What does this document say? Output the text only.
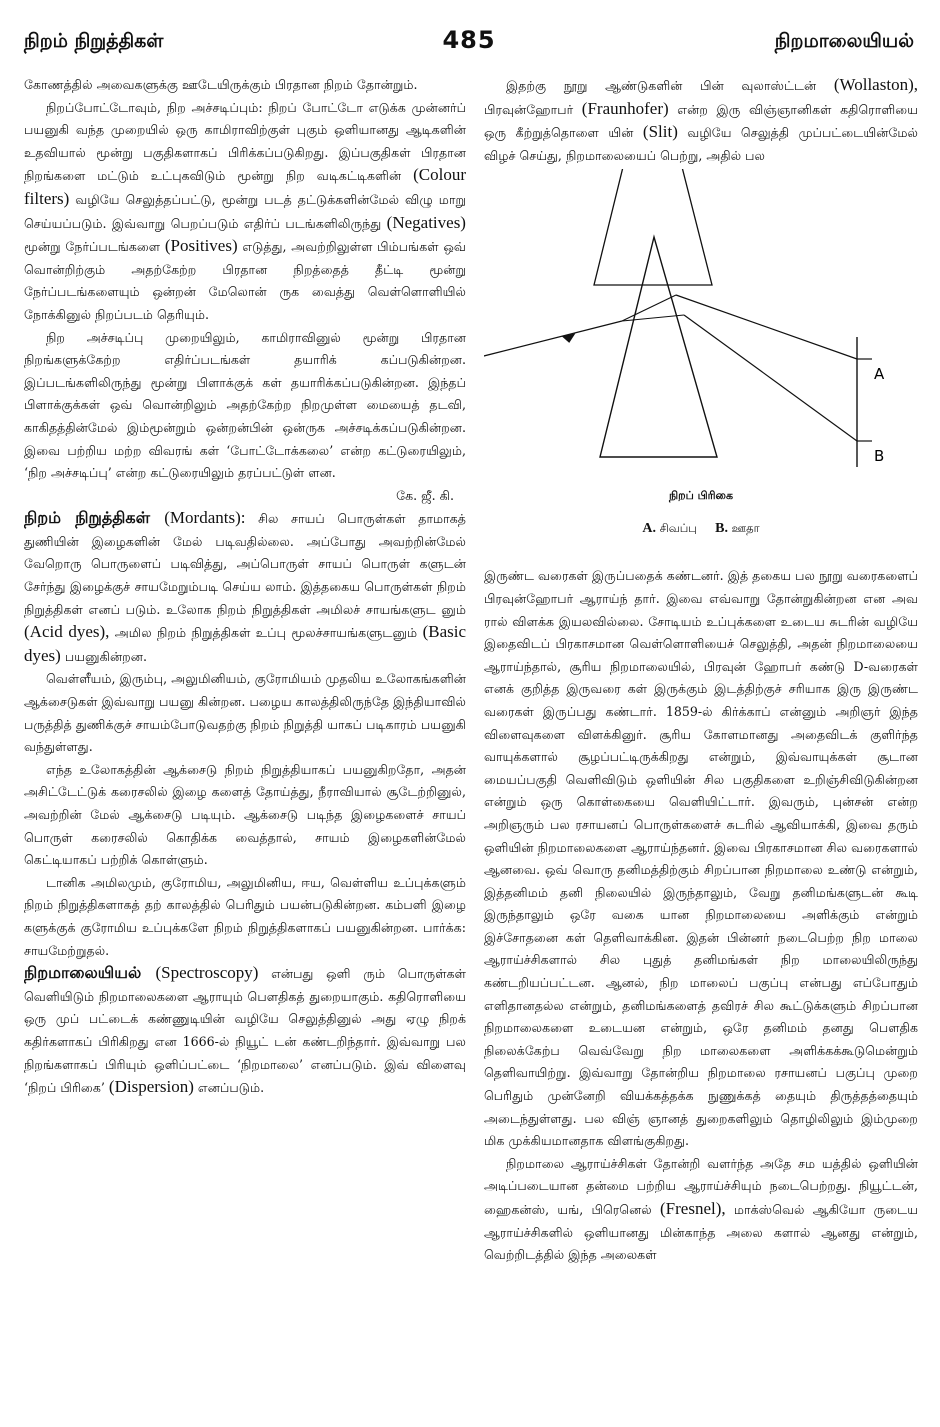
நிறம் நிறுத்திகள்	485	நிறமாலையியல்

கோணத்தில் அவைகளுக்கு ஊடேயிருக்கும் பிரதான நிறம் தோன்றும்.

நிறப்போட்டோவும், நிற அச்சடிப்பும்: நிறப் போட்டோ எடுக்க முன்னர்ப் பயனுகி வந்த முறையில் ஒரு காமிராவிற்குள் புகும் ஒளியானது ஆடிகளின் உதவியால் மூன்று பகுதிகளாகப் பிரிக்கப்படுகிறது. இப்பகுதிகள் பிரதான நிறங்களை மட்டும் உட்புகவிடும் மூன்று நிற வடிகட்டிகளின் (Colour filters) வழியே செலுத்தப்பட்டு, மூன்று படத் தட்டுக்களின்மேல் விழு மாறு செய்யப்படும். இவ்வாறு பெறப்படும் எதிர்ப் படங்களிலிருந்து (Negatives) மூன்று நேர்ப்படங்களை (Positives) எடுத்து, அவற்றிலுள்ள பிம்பங்கள் ஒவ் வொன்றிற்கும் அதற்கேற்ற பிரதான நிறத்தைத் தீட்டி மூன்று நேர்ப்படங்களையும் ஒன்றன் மேலொன் ருக வைத்து வெள்ளொளியில் நோக்கினுல் நிறப்படம் தெரியும்.

நிற அச்சடிப்பு முறையிலும், காமிராவினுல் மூன்று பிரதான நிறங்களுக்கேற்ற எதிர்ப்படங்கள் தயாரிக் கப்படுகின்றன. இப்படங்களிலிருந்து மூன்று பிளாக்குக் கள் தயாரிக்கப்படுகின்றன. இந்தப் பிளாக்குக்கள் ஒவ் வொன்றிலும் அதற்கேற்ற நிறமுள்ள மையைத் தடவி, காகிதத்தின்மேல் இம்மூன்றும் ஒன்றன்பின் ஒன்ருக அச்சடிக்கப்படுகின்றன. இவை பற்றிய மற்ற விவரங் கள் ‘போட்டோக்கலை’ என்ற கட்டுரையிலும், ‘நிற அச்சடிப்பு’ என்ற கட்டுரையிலும் தரப்பட்டுள் ளன.

கே. ஜீ. கி.

நிறம் நிறுத்திகள் (Mordants): சில சாயப் பொருள்கள் தாமாகத் துணியின் இழைகளின் மேல் படிவதில்லை. அப்போது அவற்றின்மேல் வேறொரு பொருளைப் படிவித்து, அப்பொருள் சாயப் பொருள் களுடன் சேர்ந்து இழைக்குச் சாயமேறும்படி செய்ய லாம். இத்தகைய பொருள்கள் நிறம் நிறுத்திகள் எனப் படும். உலோக நிறம் நிறுத்திகள் அமிலச் சாயங்களுட னும் (Acid dyes), அமில நிறம் நிறுத்திகள் உப்பு மூலச்சாயங்களுடனும் (Basic dyes) பயனுகின்றன.

வெள்ளீயம், இரும்பு, அலுமினியம், குரோமியம் முதலிய உலோகங்களின் ஆக்சைடுகள் இவ்வாறு பயனு கின்றன. பழைய காலத்திலிருந்தே இந்தியாவில் பருத்தித் துணிக்குச் சாயம்போடுவதற்கு நிறம் நிறுத்தி யாகப் படிகாரம் பயனுகி வந்துள்ளது.

எந்த உலோகத்தின் ஆக்சைடு நிறம் நிறுத்தியாகப் பயனுகிறதோ, அதன் அசிட்டேட்டுக் கரைசலில் இழை களைத் தோய்த்து, நீராவியால் சூடேற்றினுல், அவற்றின் மேல் ஆக்சைடு படியும். ஆக்சைடு படிந்த இழைகளைச் சாயப் பொருள் கரைசலில் கொதிக்க வைத்தால், சாயம் இழைகளின்மேல் கெட்டியாகப் பற்றிக் கொள்ளும்.

டானிக அமிலமும், குரோமிய, அலுமினிய, ஈய, வெள்ளிய உப்புக்களும் நிறம் நிறுத்திகளாகத் தற் காலத்தில் பெரிதும் பயன்படுகின்றன. கம்பளி இழை களுக்குக் குரோமிய உப்புக்களே நிறம் நிறுத்திகளாகப் பயனுகின்றன. பார்க்க: சாயமேற்றுதல்.

நிறமாலையியல் (Spectroscopy) என்பது ஒளி ரும் பொருள்கள் வெளியிடும் நிறமாலைகளை ஆராயும் பௌதிகத் துறையாகும். கதிரொளியை ஒரு முப் பட்டைக் கண்ணுடியின் வழியே செலுத்தினுல் அது ஏழு நிறக் கதிர்களாகப் பிரிகிறது என 1666-ல் நியூட் டன் கண்டறிந்தார். இவ்வாறு பல நிறங்களாகப் பிரியும் ஒளிப்பட்டை ‘நிறமாலை’ எனப்படும். இவ் விளைவு ‘நிறப் பிரிகை’ (Dispersion) எனப்படும்.

இதற்கு நூறு ஆண்டுகளின் பின் வுலாஸ்ட்டன் (Wollaston), பிரவுன்ஹோபர் (Fraunhofer) என்ற இரு விஞ்ஞானிகள் கதிரொளியை ஒரு கீற்றுத்தொளை யின் (Slit) வழியே செலுத்தி முப்பட்டையின்மேல் விழச் செய்து, நிறமாலையைப் பெற்று, அதில் பல

A
B
நிறப் பிரிகை
A. சிவப்பு B. ஊதா

இருண்ட வரைகள் இருப்பதைக் கண்டனர். இத் தகைய பல நூறு வரைகளைப் பிரவுன்ஹோபர் ஆராய்ந் தார். இவை எவ்வாறு தோன்றுகின்றன என அவ ரால் விளக்க இயலவில்லை. சோடியம் உப்புக்களை உடைய சுடரின் வழியே இதைவிடப் பிரகாசமான வெள்ளொளியைச் செலுத்தி, அதன் நிறமாலையை ஆராய்ந்தால், சூரிய நிறமாலையில், பிரவுன் ஹோபர் கண்டு D-வரைகள் எனக் குறித்த இருவரை கள் இருக்கும் இடத்திற்குச் சரியாக இரு இருண்ட வரைகள் இருப்பது கண்டார். 1859-ல் கிர்க்காப் என்னும் அறிஞர் இந்த விளைவுகளை விளக்கினுர். சூரிய கோளமானது அதைவிடக் குளிர்ந்த வாயுக்களால் சூழப்பட்டிருக்கிறது என்றும், இவ்வாயுக்கள் சூடான மையப்பகுதி வெளிவிடும் ஒளியின் சில பகுதிகளை உறிஞ்சிவிடுகின்றன என்றும் ஒரு கொள்கையை வெளியிட்டார். இவரும், புன்சன் என்ற அறிஞரும் பல ரசாயனப் பொருள்களைச் சுடரில் ஆவியாக்கி, இவை தரும் ஒளியின் நிறமாலைகளை ஆராய்ந்தனர். இவை பிரகாசமான சில வரைகளால் ஆனவை. ஒவ் வொரு தனிமத்திற்கும் சிறப்பான நிறமாலை உண்டு என்றும், இத்தனிமம் தனி நிலையில் இருந்தாலும், வேறு தனிமங்களுடன் கூடி இருந்தாலும் ஒரே வகை யான நிறமாலையை அளிக்கும் என்றும் இச்சோதனை கள் தெளிவாக்கின. இதன் பின்னர் நடைபெற்ற நிற மாலை ஆராய்ச்சிகளால் சில புதுத் தனிமங்கள் நிற மாலையிலிருந்து கண்டறியப்பட்டன. ஆனல், நிற மாலைப் பகுப்பு என்பது எப்போதும் எளிதானதல்ல என்றும், தனிமங்களைத் தவிரச் சில கூட்டுக்களும் சிறப்பான நிறமாலைகளை உடையன என்றும், ஒரே தனிமம் தனது பௌதிக நிலைக்கேற்ப வெவ்வேறு நிற மாலைகளை அளிக்கக்கூடுமென்றும் தெளிவாயிற்று. இவ்வாறு தோன்றிய நிறமாலை ரசாயனப் பகுப்பு முறை பெரிதும் முன்னேறி வியக்கத்தக்க நுணுக்கத் தையும் திருத்தத்தையும் அடைந்துள்ளது. பல விஞ் ஞானத் துறைகளிலும் தொழிலிலும் இம்முறை மிக முக்கியமானதாக விளங்குகிறது.

நிறமாலை ஆராய்ச்சிகள் தோன்றி வளர்ந்த அதே சம யத்தில் ஒளியின் அடிப்படையான தன்மை பற்றிய ஆராய்ச்சியும் நடைபெற்றது. நியூட்டன், ஹைகன்ஸ், யங், பிரெனெல் (Fresnel), மாக்ஸ்வெல் ஆகியோ ருடைய ஆராய்ச்சிகளில் ஒளியானது மின்காந்த அலை களால் ஆனது என்றும், வெற்றிடத்தில் இந்த அலைகள்
